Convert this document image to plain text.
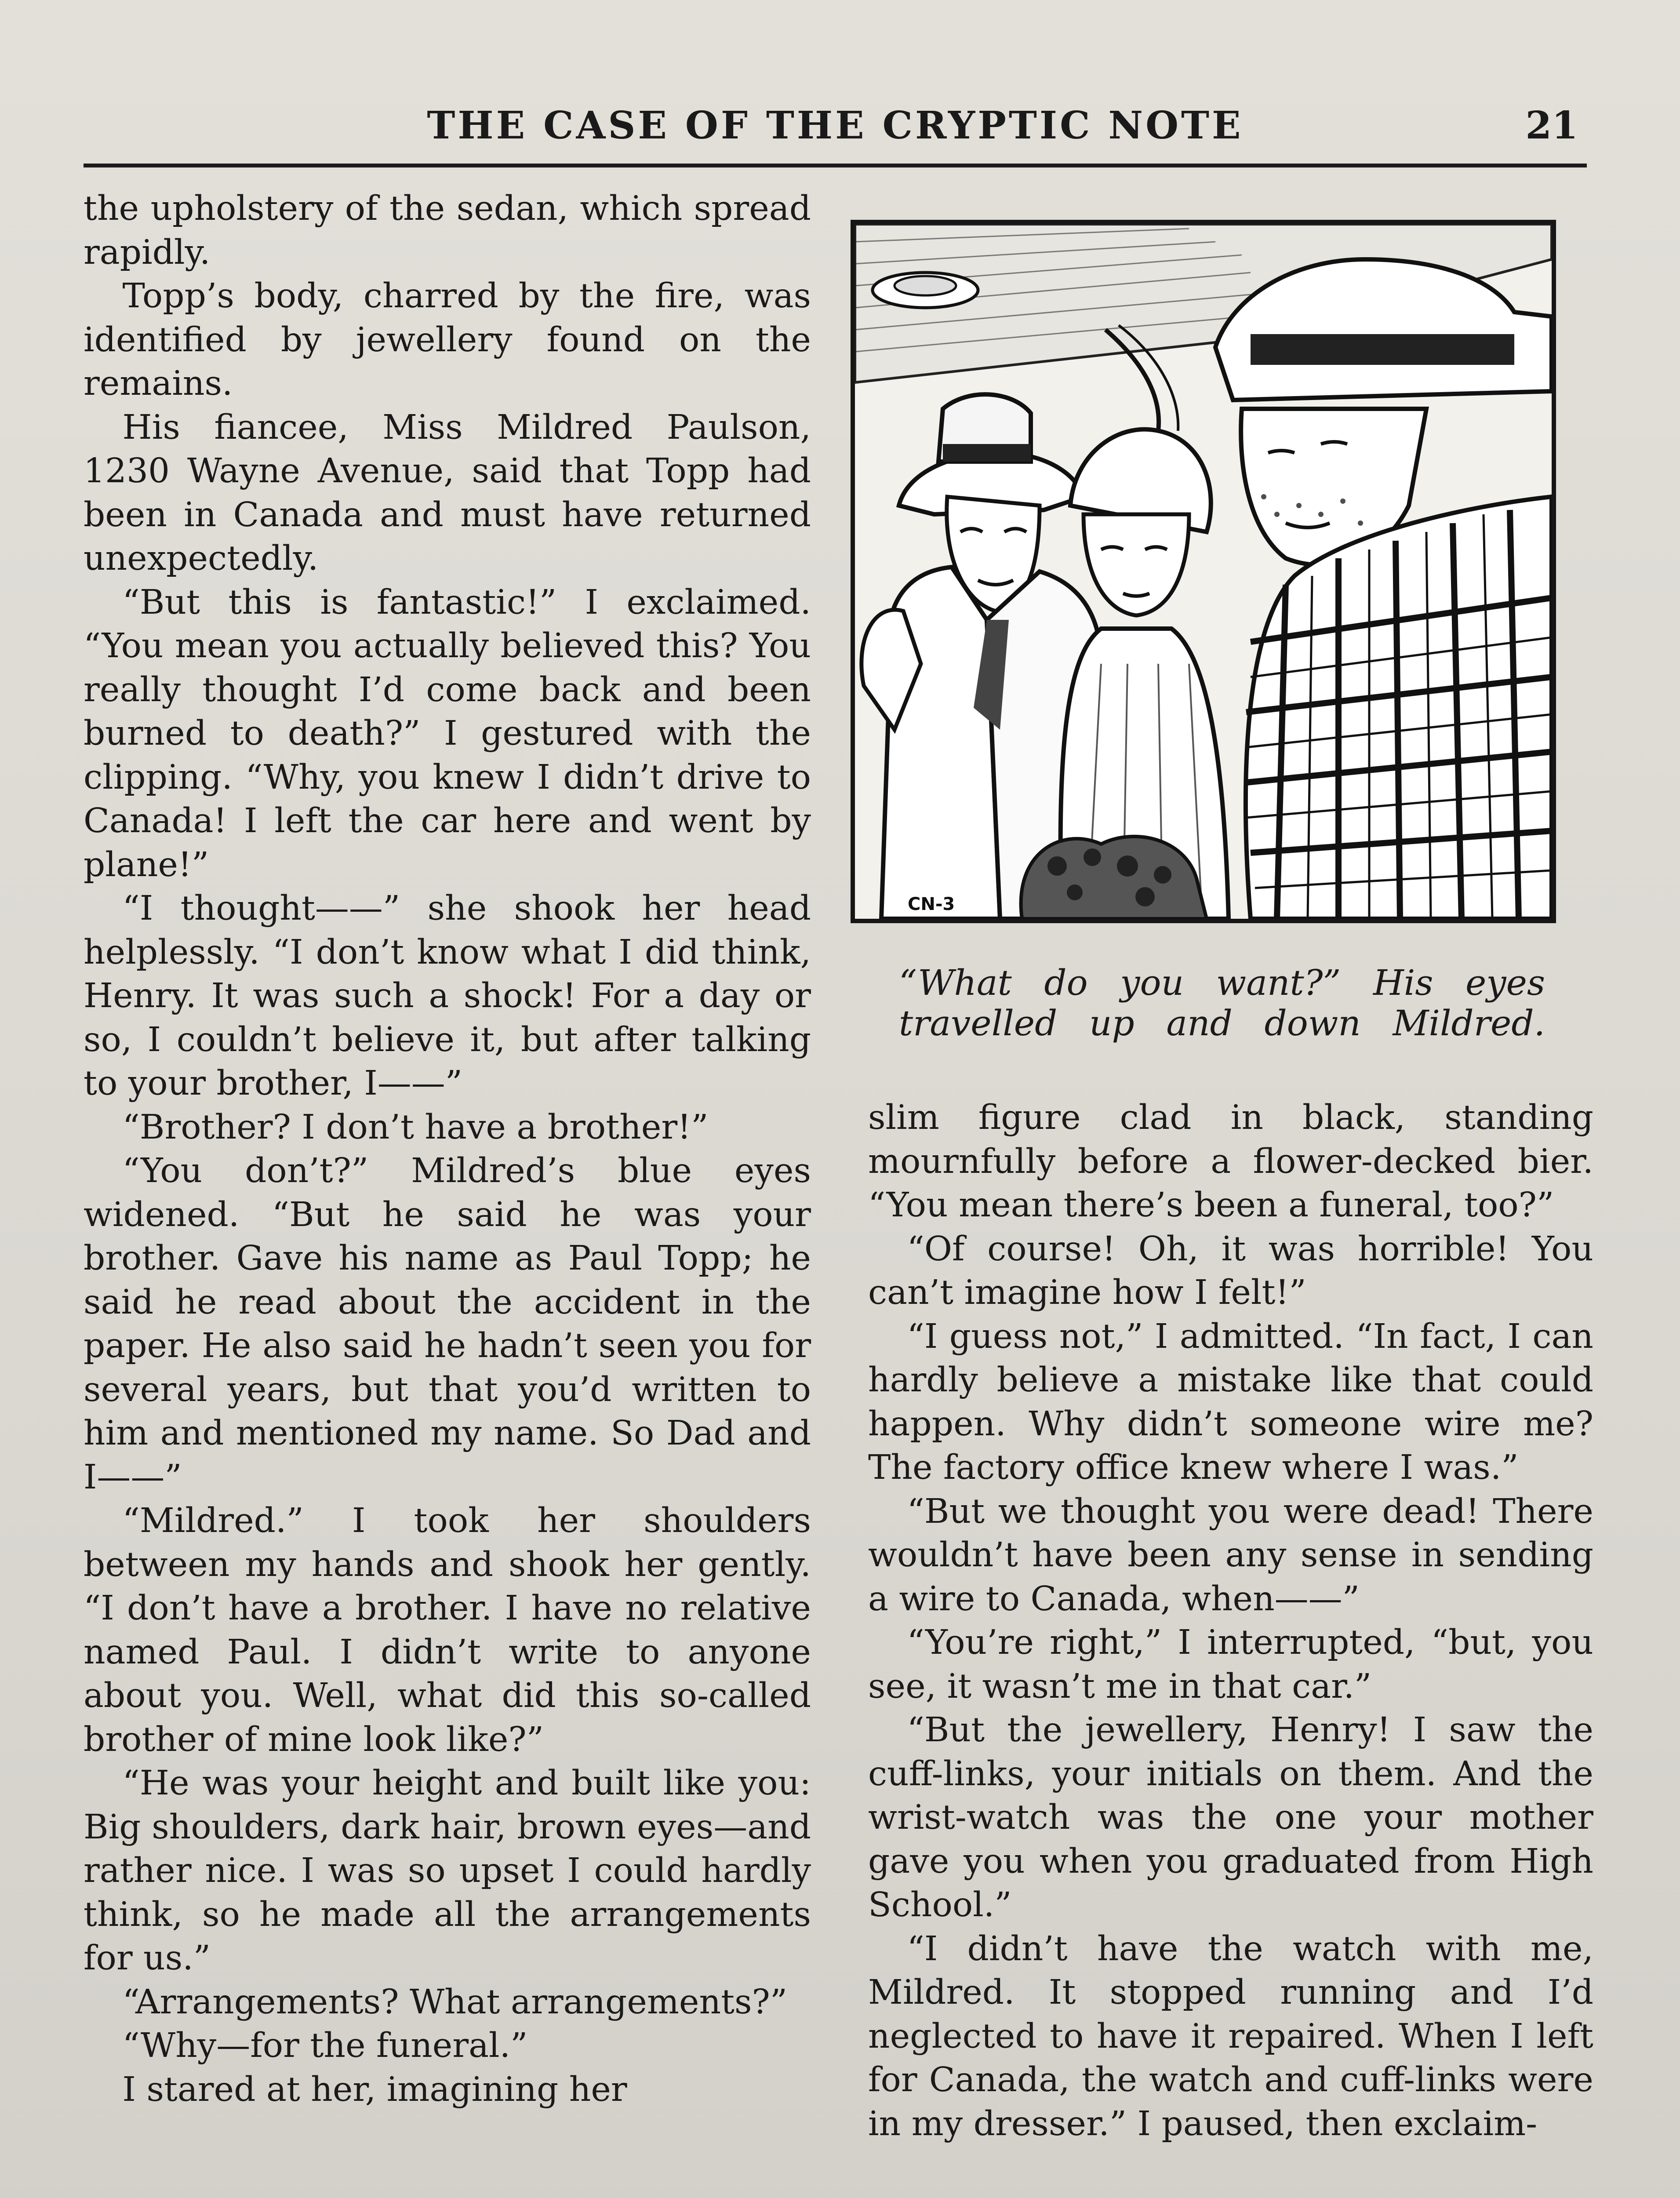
THE CASE OF THE CRYPTIC NOTE	21

the upholstery of the sedan, which spread rapidly.

Topp’s body, charred by the fire, was identified by jewellery found on the remains.

His fiancee, Miss Mildred Paulson, 1230 Wayne Avenue, said that Topp had been in Canada and must have returned unexpectedly.

“But this is fantastic!” I exclaimed. “You mean you actually believed this? You really thought I’d come back and been burned to death?” I gestured with the clipping. “Why, you knew I didn’t drive to Canada! I left the car here and went by plane!”

“I thought——” she shook her head helplessly. “I don’t know what I did think, Henry. It was such a shock! For a day or so, I couldn’t believe it, but after talking to your brother, I——”

“Brother? I don’t have a brother!”

“You don’t?” Mildred’s blue eyes widened. “But he said he was your brother. Gave his name as Paul Topp; he said he read about the accident in the paper. He also said he hadn’t seen you for several years, but that you’d written to him and mentioned my name. So Dad and I——”

“Mildred.” I took her shoulders between my hands and shook her gently. “I don’t have a brother. I have no relative named Paul. I didn’t write to anyone about you. Well, what did this so-called brother of mine look like?”

“He was your height and built like you: Big shoulders, dark hair, brown eyes—and rather nice. I was so upset I could hardly think, so he made all the arrangements for us.”

“Arrangements? What arrangements?”

“Why—for the funeral.”

I stared at her, imagining her

CN-3
“What do you want?” His eyes travelled up and down Mildred.

slim figure clad in black, standing mournfully before a flower-decked bier. “You mean there’s been a funeral, too?”

“Of course! Oh, it was horrible! You can’t imagine how I felt!”

“I guess not,” I admitted. “In fact, I can hardly believe a mistake like that could happen. Why didn’t someone wire me? The factory office knew where I was.”

“But we thought you were dead! There wouldn’t have been any sense in sending a wire to Canada, when——”

“You’re right,” I interrupted, “but, you see, it wasn’t me in that car.”

“But the jewellery, Henry! I saw the cuff-links, your initials on them. And the wrist-watch was the one your mother gave you when you graduated from High School.”

“I didn’t have the watch with me, Mildred. It stopped running and I’d neglected to have it repaired. When I left for Canada, the watch and cuff-links were in my dresser.” I paused, then exclaim-
